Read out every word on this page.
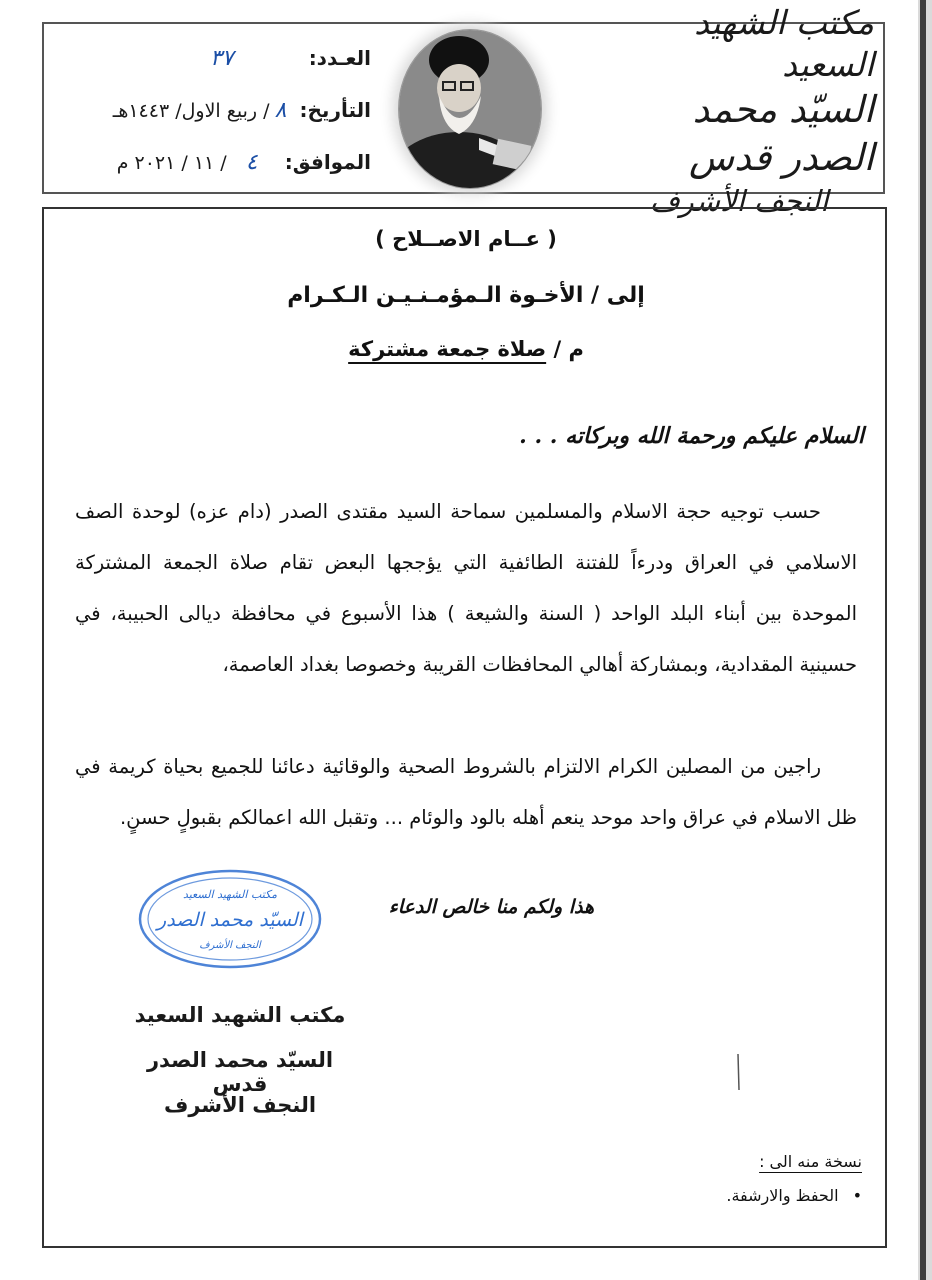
مكتب الشهيد السعيد
السيّد محمد الصدر قدس
النجف الأشرف
العـدد: ٣٧
التأريخ: ٨ / ربيع الاول/ ١٤٤٣هـ
الموافق: ٤ / ١١ / ٢٠٢١ م
( عــام الاصــلاح )
إلى / الأخـوة الـمؤمـنـيـن الـكـرام
م / صلاة جمعة مشتركة
السلام عليكم ورحمة الله وبركاته . . .
حسب توجيه حجة الاسلام والمسلمين سماحة السيد مقتدى الصدر (دام عزه) لوحدة الصف الاسلامي في العراق ودرءاً للفتنة الطائفية التي يؤججها البعض تقام صلاة الجمعة المشتركة الموحدة بين أبناء البلد الواحد ( السنة والشيعة ) هذا الأسبوع في محافظة ديالى الحبيبة، في حسينية المقدادية، وبمشاركة أهالي المحافظات القريبة وخصوصا بغداد العاصمة،
راجين من المصلين الكرام الالتزام بالشروط الصحية والوقائية دعائنا للجميع بحياة كريمة في ظل الاسلام في عراق واحد موحد ينعم أهله بالود والوئام ... وتقبل الله اعمالكم بقبولٍ حسنٍ.
هذا ولكم منا خالص الدعاء
مكتب الشهيد السعيد
السيّد محمد الصدر
النجف الأشرف
مكتب الشهيد السعيد
السيّد محمد الصدر قدس
النجف الأشرف
نسخة منه الى :
•الحفظ والارشفة.
